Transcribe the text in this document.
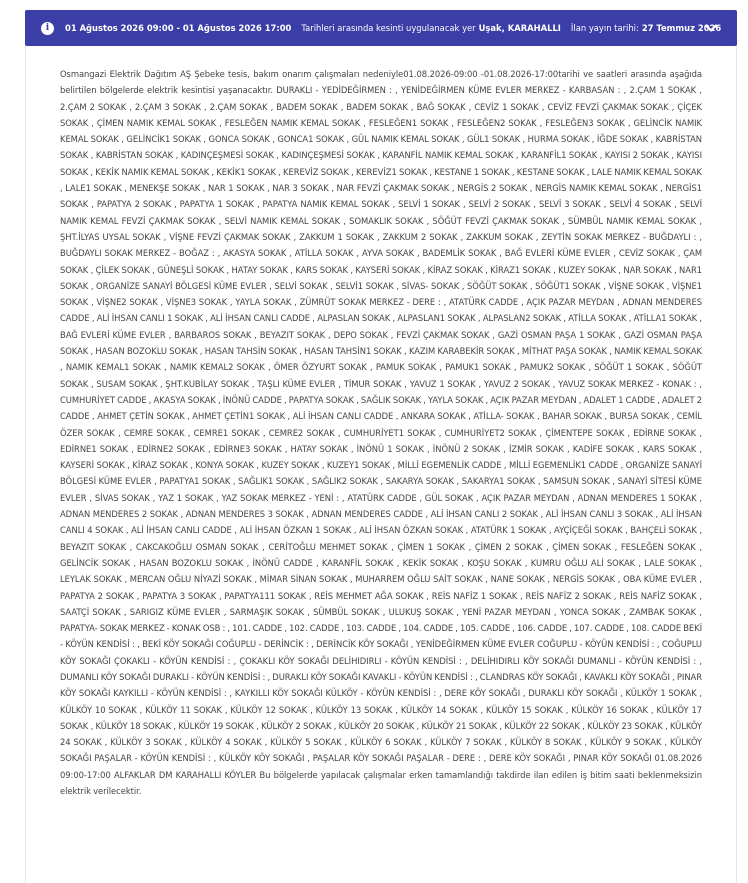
i	01 Ağustos 2026 09:00 - 01 Ağustos 2026 17:00 Tarihleri arasında kesinti uygulanacak yer Uşak, KARAHALLI İlan yayın tarihi: 27 Temmuz 2026
Osmangazi Elektrik Dağıtım AŞ Şebeke tesis, bakım onarım çalışmaları nedeniyle01.08.2026-09:00 -01.08.2026-17:00tarihi ve saatleri arasında aşağıda belirtilen bölgelerde elektrik kesintisi yaşanacaktır. DURAKLI - YEDİDEĞİRMEN : , YENİDEĞİRMEN KÜME EVLER MERKEZ - KARBASAN : , 2.ÇAM 1 SOKAK , 2.ÇAM 2 SOKAK , 2.ÇAM 3 SOKAK , 2.ÇAM SOKAK , BADEM SOKAK , BADEM SOKAK , BAĞ SOKAK , CEVİZ 1 SOKAK , CEVİZ FEVZİ ÇAKMAK SOKAK , ÇİÇEK SOKAK , ÇİMEN NAMIK KEMAL SOKAK , FESLEĞEN NAMIK KEMAL SOKAK , FESLEĞEN1 SOKAK , FESLEĞEN2 SOKAK , FESLEĞEN3 SOKAK , GELİNCİK NAMIK KEMAL SOKAK , GELİNCİK1 SOKAK , GONCA SOKAK , GONCA1 SOKAK , GÜL NAMIK KEMAL SOKAK , GÜL1 SOKAK , HURMA SOKAK , İĞDE SOKAK , KABRİSTAN SOKAK , KABRİSTAN SOKAK , KADINÇEŞMESİ SOKAK , KADINÇEŞMESİ SOKAK , KARANFİL NAMIK KEMAL SOKAK , KARANFİL1 SOKAK , KAYISI 2 SOKAK , KAYISI SOKAK , KEKİK NAMIK KEMAL SOKAK , KEKİK1 SOKAK , KEREVİZ SOKAK , KEREVİZ1 SOKAK , KESTANE 1 SOKAK , KESTANE SOKAK , LALE NAMIK KEMAL SOKAK , LALE1 SOKAK , MENEKŞE SOKAK , NAR 1 SOKAK , NAR 3 SOKAK , NAR FEVZİ ÇAKMAK SOKAK , NERGİS 2 SOKAK , NERGİS NAMIK KEMAL SOKAK , NERGİS1 SOKAK , PAPATYA 2 SOKAK , PAPATYA 1 SOKAK , PAPATYA NAMIK KEMAL SOKAK , SELVİ 1 SOKAK , SELVİ 2 SOKAK , SELVİ 3 SOKAK , SELVİ 4 SOKAK , SELVİ NAMIK KEMAL FEVZİ ÇAKMAK SOKAK , SELVİ NAMIK KEMAL SOKAK , SOMAKLIK SOKAK , SÖĞÜT FEVZİ ÇAKMAK SOKAK , SÜMBÜL NAMIK KEMAL SOKAK , ŞHT.İLYAS UYSAL SOKAK , VİŞNE FEVZİ ÇAKMAK SOKAK , ZAKKUM 1 SOKAK , ZAKKUM 2 SOKAK , ZAKKUM SOKAK , ZEYTİN SOKAK MERKEZ - BUĞDAYLI : , BUĞDAYLI SOKAK MERKEZ - BOĞAZ : , AKASYA SOKAK , ATİLLA SOKAK , AYVA SOKAK , BADEMLİK SOKAK , BAĞ EVLERİ KÜME EVLER , CEVİZ SOKAK , ÇAM SOKAK , ÇİLEK SOKAK , GÜNEŞLİ SOKAK , HATAY SOKAK , KARS SOKAK , KAYSERİ SOKAK , KİRAZ SOKAK , KİRAZ1 SOKAK , KUZEY SOKAK , NAR SOKAK , NAR1 SOKAK , ORGANİZE SANAYİ BÖLGESİ KÜME EVLER , SELVİ SOKAK , SELVİ1 SOKAK , SİVAS- SOKAK , SÖĞÜT SOKAK , SÖĞÜT1 SOKAK , VİŞNE SOKAK , VİŞNE1 SOKAK , VİŞNE2 SOKAK , VİŞNE3 SOKAK , YAYLA SOKAK , ZÜMRÜT SOKAK MERKEZ - DERE : , ATATÜRK CADDE , AÇIK PAZAR MEYDAN , ADNAN MENDERES CADDE , ALİ İHSAN CANLI 1 SOKAK , ALİ İHSAN CANLI CADDE , ALPASLAN SOKAK , ALPASLAN1 SOKAK , ALPASLAN2 SOKAK , ATİLLA SOKAK , ATİLLA1 SOKAK , BAĞ EVLERİ KÜME EVLER , BARBAROS SOKAK , BEYAZIT SOKAK , DEPO SOKAK , FEVZİ ÇAKMAK SOKAK , GAZİ OSMAN PAŞA 1 SOKAK , GAZİ OSMAN PAŞA SOKAK , HASAN BOZOKLU SOKAK , HASAN TAHSİN SOKAK , HASAN TAHSİN1 SOKAK , KAZIM KARABEKİR SOKAK , MİTHAT PAŞA SOKAK , NAMIK KEMAL SOKAK , NAMIK KEMAL1 SOKAK , NAMIK KEMAL2 SOKAK , ÖMER ÖZYURT SOKAK , PAMUK SOKAK , PAMUK1 SOKAK , PAMUK2 SOKAK , SÖĞÜT 1 SOKAK , SÖĞÜT SOKAK , SUSAM SOKAK , ŞHT.KUBİLAY SOKAK , TAŞLI KÜME EVLER , TİMUR SOKAK , YAVUZ 1 SOKAK , YAVUZ 2 SOKAK , YAVUZ SOKAK MERKEZ - KONAK : , CUMHURİYET CADDE , AKASYA SOKAK , İNÖNÜ CADDE , PAPATYA SOKAK , SAĞLIK SOKAK , YAYLA SOKAK , AÇIK PAZAR MEYDAN , ADALET 1 CADDE , ADALET 2 CADDE , AHMET ÇETİN SOKAK , AHMET ÇETİN1 SOKAK , ALİ İHSAN CANLI CADDE , ANKARA SOKAK , ATİLLA- SOKAK , BAHAR SOKAK , BURSA SOKAK , CEMİL ÖZER SOKAK , CEMRE SOKAK , CEMRE1 SOKAK , CEMRE2 SOKAK , CUMHURİYET1 SOKAK , CUMHURİYET2 SOKAK , ÇİMENTEPE SOKAK , EDİRNE SOKAK , EDİRNE1 SOKAK , EDİRNE2 SOKAK , EDİRNE3 SOKAK , HATAY SOKAK , İNÖNÜ 1 SOKAK , İNÖNÜ 2 SOKAK , İZMİR SOKAK , KADİFE SOKAK , KARS SOKAK , KAYSERİ SOKAK , KİRAZ SOKAK , KONYA SOKAK , KUZEY SOKAK , KUZEY1 SOKAK , MİLLİ EGEMENLİK CADDE , MİLLİ EGEMENLİK1 CADDE , ORGANİZE SANAYİ BÖLGESİ KÜME EVLER , PAPATYA1 SOKAK , SAĞLIK1 SOKAK , SAĞLIK2 SOKAK , SAKARYA SOKAK , SAKARYA1 SOKAK , SAMSUN SOKAK , SANAYİ SİTESİ KÜME EVLER , SİVAS SOKAK , YAZ 1 SOKAK , YAZ SOKAK MERKEZ - YENİ : , ATATÜRK CADDE , GÜL SOKAK , AÇIK PAZAR MEYDAN , ADNAN MENDERES 1 SOKAK , ADNAN MENDERES 2 SOKAK , ADNAN MENDERES 3 SOKAK , ADNAN MENDERES CADDE , ALİ İHSAN CANLI 2 SOKAK , ALİ İHSAN CANLI 3 SOKAK , ALİ İHSAN CANLI 4 SOKAK , ALİ İHSAN CANLI CADDE , ALİ İHSAN ÖZKAN 1 SOKAK , ALİ İHSAN ÖZKAN SOKAK , ATATÜRK 1 SOKAK , AYÇİÇEĞİ SOKAK , BAHÇELİ SOKAK , BEYAZIT SOKAK , CAKCAKOĞLU OSMAN SOKAK , CERİTOĞLU MEHMET SOKAK , ÇİMEN 1 SOKAK , ÇİMEN 2 SOKAK , ÇİMEN SOKAK , FESLEĞEN SOKAK , GELİNCİK SOKAK , HASAN BOZOKLU SOKAK , İNÖNÜ CADDE , KARANFİL SOKAK , KEKİK SOKAK , KOŞU SOKAK , KUMRU OĞLU ALİ SOKAK , LALE SOKAK , LEYLAK SOKAK , MERCAN OĞLU NİYAZİ SOKAK , MİMAR SİNAN SOKAK , MUHARREM OĞLU SAİT SOKAK , NANE SOKAK , NERGİS SOKAK , OBA KÜME EVLER , PAPATYA 2 SOKAK , PAPATYA 3 SOKAK , PAPATYA111 SOKAK , REİS MEHMET AĞA SOKAK , REİS NAFİZ 1 SOKAK , REİS NAFİZ 2 SOKAK , REİS NAFİZ SOKAK , SAATÇİ SOKAK , SARIGIZ KÜME EVLER , SARMAŞIK SOKAK , SÜMBÜL SOKAK , ULUKUŞ SOKAK , YENİ PAZAR MEYDAN , YONCA SOKAK , ZAMBAK SOKAK , PAPATYA- SOKAK MERKEZ - KONAK OSB : , 101. CADDE , 102. CADDE , 103. CADDE , 104. CADDE , 105. CADDE , 106. CADDE , 107. CADDE , 108. CADDE BEKİ - KÖYÜN KENDİSİ : , BEKİ KÖY SOKAĞI COĞUPLU - DERİNCİK : , DERİNCİK KÖY SOKAĞI , YENİDEĞİRMEN KÜME EVLER COĞUPLU - KÖYÜN KENDİSİ : , COĞUPLU KÖY SOKAĞI ÇOKAKLI - KÖYÜN KENDİSİ : , ÇOKAKLI KÖY SOKAĞI DELİHIDIRLI - KÖYÜN KENDİSİ : , DELİHIDIRLI KÖY SOKAĞI DUMANLI - KÖYÜN KENDİSİ : , DUMANLI KÖY SOKAĞI DURAKLI - KÖYÜN KENDİSİ : , DURAKLI KÖY SOKAĞI KAVAKLI - KÖYÜN KENDİSİ : , CLANDRAS KÖY SOKAĞI , KAVAKLI KÖY SOKAĞI , PINAR KÖY SOKAĞI KAYKILLI - KÖYÜN KENDİSİ : , KAYKILLI KÖY SOKAĞI KÜLKÖY - KÖYÜN KENDİSİ : , DERE KÖY SOKAĞI , DURAKLI KÖY SOKAĞI , KÜLKÖY 1 SOKAK , KÜLKÖY 10 SOKAK , KÜLKÖY 11 SOKAK , KÜLKÖY 12 SOKAK , KÜLKÖY 13 SOKAK , KÜLKÖY 14 SOKAK , KÜLKÖY 15 SOKAK , KÜLKÖY 16 SOKAK , KÜLKÖY 17 SOKAK , KÜLKÖY 18 SOKAK , KÜLKÖY 19 SOKAK , KÜLKÖY 2 SOKAK , KÜLKÖY 20 SOKAK , KÜLKÖY 21 SOKAK , KÜLKÖY 22 SOKAK , KÜLKÖY 23 SOKAK , KÜLKÖY 24 SOKAK , KÜLKÖY 3 SOKAK , KÜLKÖY 4 SOKAK , KÜLKÖY 5 SOKAK , KÜLKÖY 6 SOKAK , KÜLKÖY 7 SOKAK , KÜLKÖY 8 SOKAK , KÜLKÖY 9 SOKAK , KÜLKÖY SOKAĞI PAŞALAR - KÖYÜN KENDİSİ : , KÜLKÖY KÖY SOKAĞI , PAŞALAR KÖY SOKAĞI PAŞALAR - DERE : , DERE KÖY SOKAĞI , PINAR KÖY SOKAĞI 01.08.2026 09:00-17:00 ALFAKLAR DM KARAHALLI KÖYLER Bu bölgelerde yapılacak çalışmalar erken tamamlandığı takdirde ilan edilen iş bitim saati beklenmeksizin elektrik verilecektir.
